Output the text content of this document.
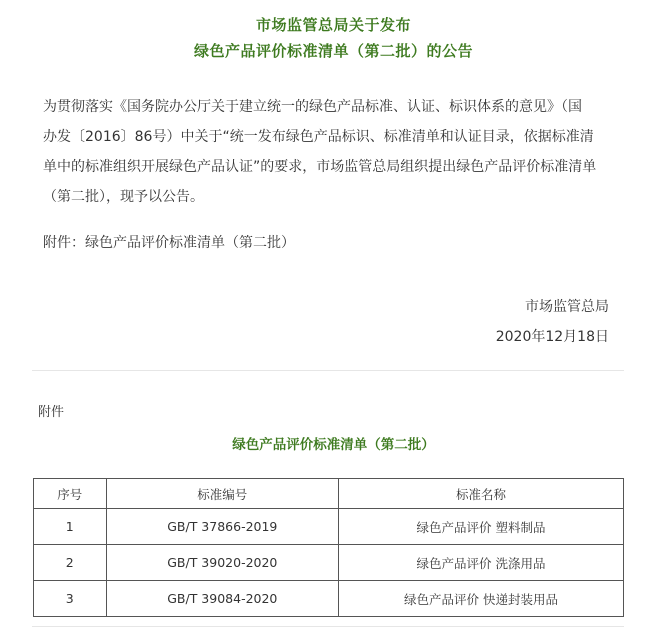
市场监管总局关于发布
绿色产品评价标准清单（第二批）的公告
为贯彻落实《国务院办公厅关于建立统一的绿色产品标准、认证、标识体系的意见》（国
办发〔2016〕86号）中关于“统一发布绿色产品标识、标准清单和认证目录，依据标准清
单中的标准组织开展绿色产品认证”的要求，市场监管总局组织提出绿色产品评价标准清单
（第二批），现予以公告。
附件：绿色产品评价标准清单（第二批）
市场监管总局
2020年12月18日
附件
绿色产品评价标准清单（第二批）
序号	标准编号	标准名称
1	GB/T 37866-2019	绿色产品评价 塑料制品
2	GB/T 39020-2020	绿色产品评价 洗涤用品
3	GB/T 39084-2020	绿色产品评价 快递封装用品
